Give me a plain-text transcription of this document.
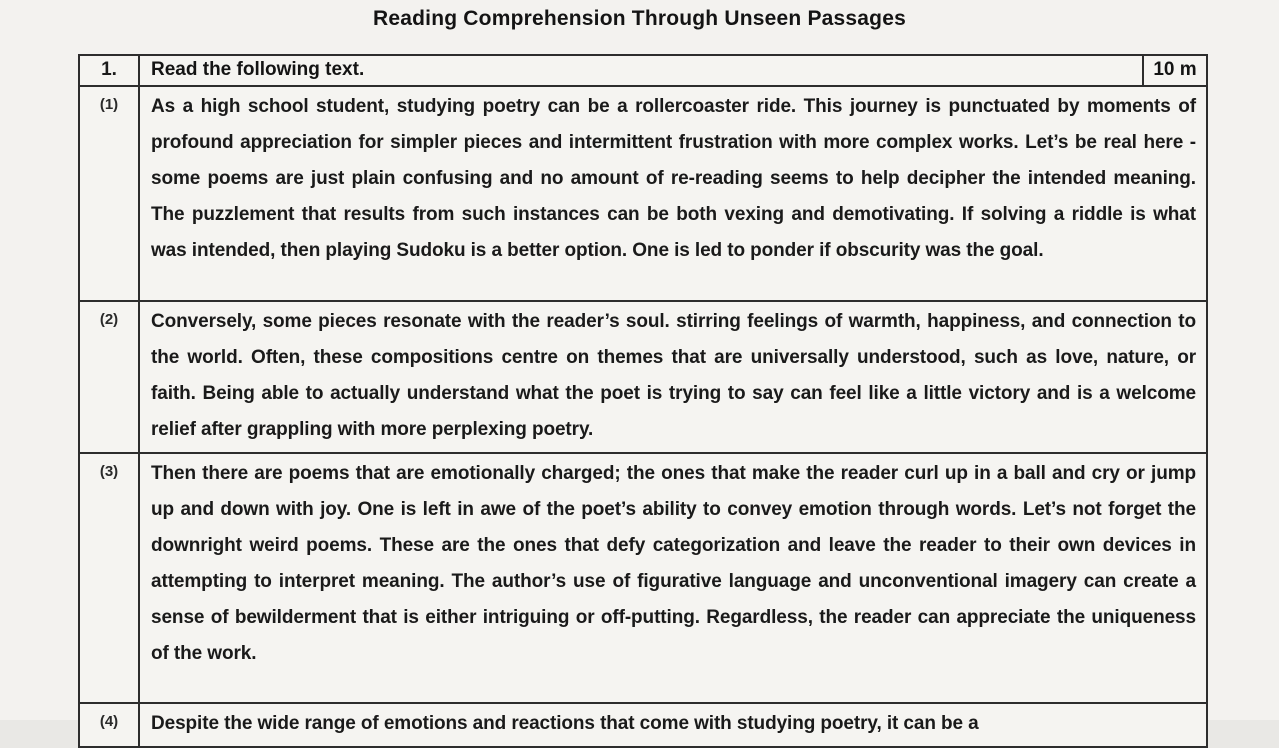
Reading Comprehension Through Unseen Passages
1.	Read the following text.	10 m
(1)	As a high school student, studying poetry can be a rollercoaster ride. This journey is punctuated by moments of profound appreciation for simpler pieces and intermittent frustration with more complex works. Let’s be real here - some poems are just plain confusing and no amount of re-reading seems to help decipher the intended meaning. The puzzlement that results from such instances can be both vexing and demotivating. If solving a riddle is what was intended, then playing Sudoku is a better option. One is led to ponder if obscurity was the goal.
(2)	Conversely, some pieces resonate with the reader’s soul. stirring feelings of warmth, happiness, and connection to the world. Often, these compositions centre on themes that are universally understood, such as love, nature, or faith. Being able to actually understand what the poet is trying to say can feel like a little victory and is a welcome relief after grappling with more perplexing poetry.
(3)	Then there are poems that are emotionally charged; the ones that make the reader curl up in a ball and cry or jump up and down with joy. One is left in awe of the poet’s ability to convey emotion through words. Let’s not forget the downright weird poems. These are the ones that defy categorization and leave the reader to their own devices in attempting to interpret meaning. The author’s use of figurative language and unconventional imagery can create a sense of bewilderment that is either intriguing or off-putting. Regardless, the reader can appreciate the uniqueness of the work.
(4)	Despite the wide range of emotions and reactions that come with studying poetry, it can be a
